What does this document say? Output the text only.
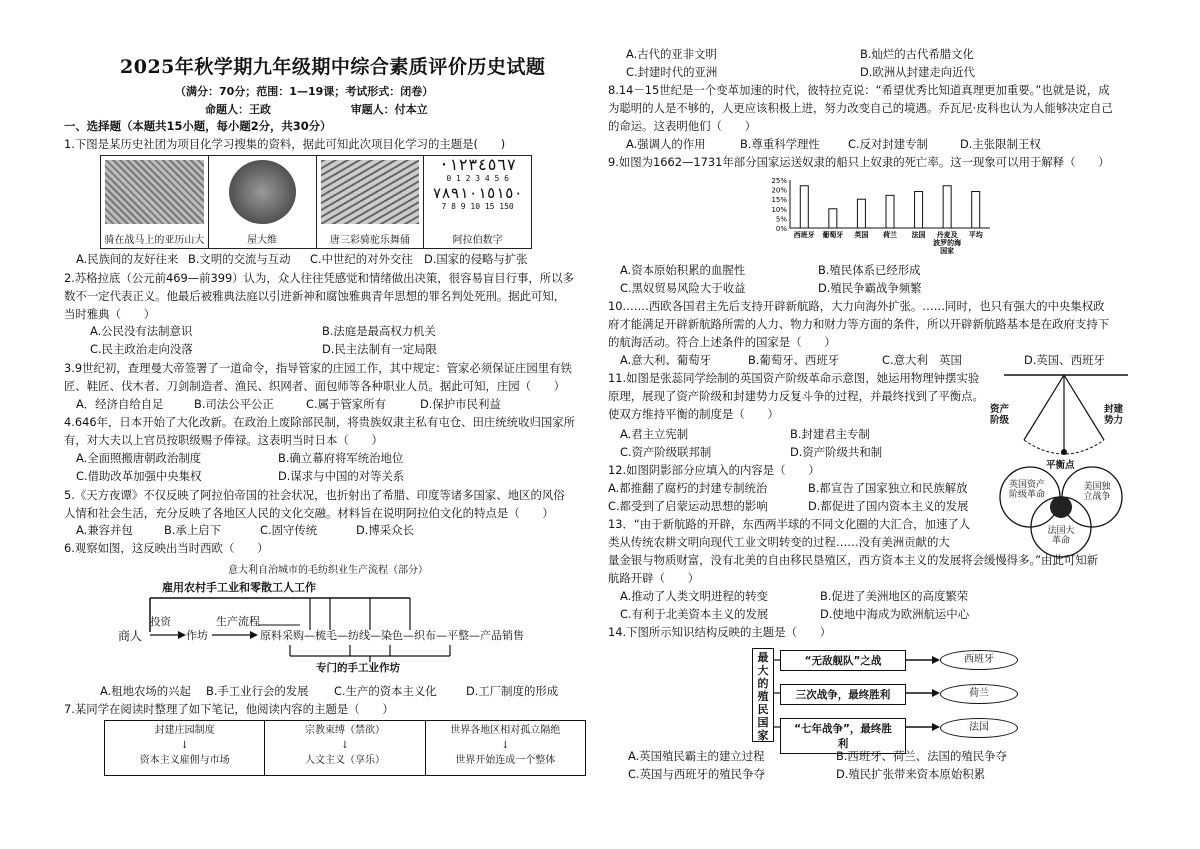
2025年秋学期九年级期中综合素质评价历史试题
（满分：70分；范围：1—19课；考试形式：闭卷）
命题人：王政	审题人：付本立
一、选择题（本题共15小题，每小题2分，共30分）
1.下图是某历史社团为项目化学习搜集的资料，据此可知此次项目化学习的主题是(　　)
骑在战马上的亚历山大	屋大维	唐三彩骑驼乐舞俑
·١٢٣٤٥٦٧
0 1 2 3 4 5 6
٧٨٩١٠١٥١٥٠
7 8 9 10 15 150
阿拉伯数字
A.民族间的友好往来 B.文明的交流与互动 C.中世纪的对外交往 D.国家的侵略与扩张
2.苏格拉底（公元前469—前399）认为，众人往往凭感觉和情绪做出决策，很容易盲目行事，所以多
数不一定代表正义。他最后被雅典法庭以引进新神和腐蚀雅典青年思想的罪名判处死刑。据此可知，
当时雅典（　　）
A.公民没有法制意识	B.法庭是最高权力机关
C.民主政治走向没落	D.民主法制有一定局限
3.9世纪初，查理曼大帝签署了一道命令，指导管家的庄园工作，其中规定：管家必须保证庄园里有铁
匠、鞋匠、伐木者、刀剑制造者、渔民、织网者、面包师等各种职业人员。据此可知，庄园（　　）
A．经济自给自足	B.司法公平公正	C.属于管家所有	D.保护市民利益
4.646年，日本开始了大化改新。在政治上废除部民制，将贵族奴隶主私有屯仓、田庄统统收归国家所
有，对大夫以上官员按职级赐予俸禄。这表明当时日本（　　）
A.全面照搬唐朝政治制度	B.确立幕府将军统治地位
C.借助改革加强中央集权	D.谋求与中国的对等关系
5.《天方夜谭》不仅反映了阿拉伯帝国的社会状况，也折射出了希腊、印度等诸多国家、地区的风俗
人情和社会生活，充分反映了各地区人民的文化交融。材料旨在说明阿拉伯文化的特点是（　　）
A.兼容并包	B.承上启下	C.固守传统	D.博采众长
6.观察如图，这反映出当时西欧（　　）
意大利自治城市的毛纺织业生产流程（部分）
雇用农村手工业和零散工人工作
商人
投资
作坊
生产流程
原料采购—梳毛—纺线—染色—织布—平整—产品销售
专门的手工业作坊
A.租地农场的兴起 B.手工业行会的发展 C.生产的资本主义化	D.工厂制度的形成
7.某同学在阅读时整理了如下笔记，他阅读内容的主题是（　　）
封建庄园制度
↓
资本主义雇佣与市场
宗教束缚（禁欲）
↓
人文主义（享乐）
世界各地区相对孤立隔绝
↓
世界开始连成一个整体
A.古代的亚非文明	B.灿烂的古代希腊文化
C.封建时代的亚洲	D.欧洲从封建走向近代
8.14－15世纪是一个变革加速的时代，彼特拉克说：“希望优秀比知道真理更加重要。”也就是说，成
为聪明的人是不够的，人更应该积极上进，努力改变自己的境遇。乔瓦尼·皮科也认为人能够决定自己
的命运。这表明他们（　　）
A.强调人的作用	B.尊重科学理性 C.反对封建专制	D.主张限制王权
9.如图为1662—1731年部分国家运送奴隶的船只上奴隶的死亡率。这一现象可以用于解释（　　）
25%
20%
15%
10%
5%
0%
西班牙 葡萄牙 英国 荷兰 法国	丹麦及波罗的海国家
平均
A.资本原始积累的血腥性	B.殖民体系已经形成
C.黑奴贸易风险大于收益	D.殖民争霸战争频繁
10.……西欧各国君主先后支持开辟新航路，大力向海外扩张。……同时，也只有强大的中央集权政
府才能满足开辟新航路所需的人力、物力和财力等方面的条件，所以开辟新航路基本是在政府支持下
的航海活动。符合上述条件的国家是（　　）
A.意大利、葡萄牙	B.葡萄牙、西班牙	C.意大利　英国	D.英国、西班牙
11.如图是张蕊同学绘制的英国资产阶级革命示意图，她运用物理钟摆实验
原理，展现了资产阶级和封建势力反复斗争的过程，并最终找到了平衡点。
使双方维持平衡的制度是（　　）	资产阶级
封建势力
平衡点
A.君主立宪制	B.封建君主专制
C.资产阶级联邦制	D.资产阶级共和制
12.如图阴影部分应填入的内容是（　　）
英国资产阶级革命
美国独立战争
法国大革命
A.都推翻了腐朽的封建专制统治	B.都宣告了国家独立和民族解放
C.都受到了启蒙运动思想的影响	D.都促进了国内资本主义的发展
13．“由于新航路的开辟，东西两半球的不同文化圈的大汇合，加速了人
类从传统农耕文明向现代工业文明转变的过程……没有美洲贡献的大
量金银与物质财富，没有北美的自由移民垦殖区，西方资本主义的发展将会缓慢得多。”由此可知新
航路开辟（　　）
A.推动了人类文明进程的转变	B.促进了美洲地区的高度繁荣
C.有利于北美资本主义的发展	D.使地中海成为欧洲航运中心
14.下图所示知识结构反映的主题是（　　）
最大的殖民国家
“无敌舰队”之战
三次战争，最终胜利
“七年战争”，最终胜利
西班牙
荷兰
法国
A.英国殖民霸主的建立过程	B.西班牙、荷兰、法国的殖民争夺
C.英国与西班牙的殖民争夺	D.殖民扩张带来资本原始积累
